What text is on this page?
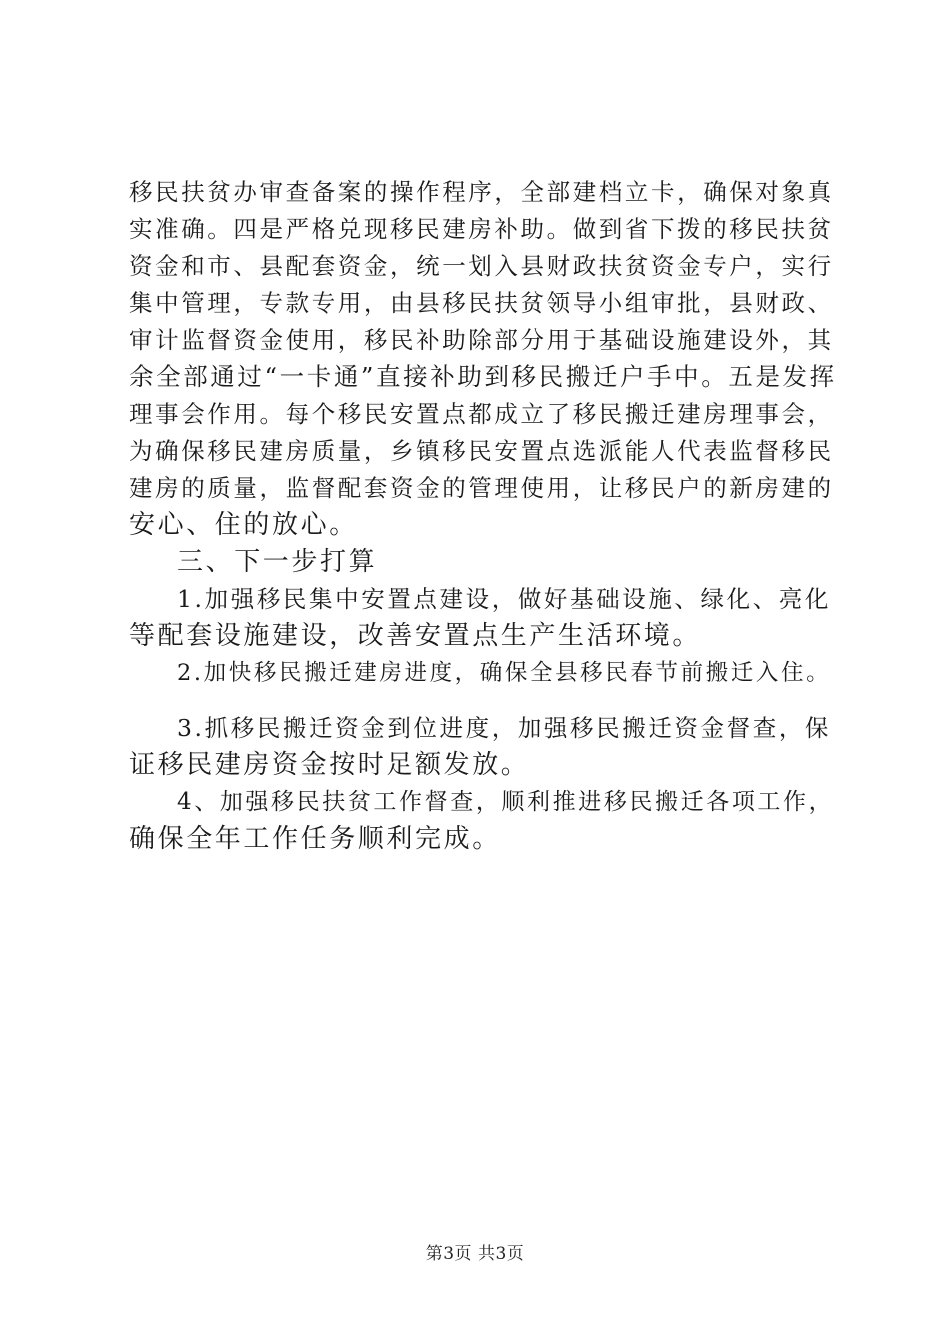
移民扶贫办审查备案的操作程序，全部建档立卡，确保对象真
实准确。四是严格兑现移民建房补助。做到省下拨的移民扶贫
资金和市、县配套资金，统一划入县财政扶贫资金专户，实行
集中管理，专款专用，由县移民扶贫领导小组审批，县财政、
审计监督资金使用，移民补助除部分用于基础设施建设外，其
余全部通过“一卡通”直接补助到移民搬迁户手中。五是发挥
理事会作用。每个移民安置点都成立了移民搬迁建房理事会，
为确保移民建房质量，乡镇移民安置点选派能人代表监督移民
建房的质量，监督配套资金的管理使用，让移民户的新房建的
安心、住的放心。
三、下一步打算
1.加强移民集中安置点建设，做好基础设施、绿化、亮化
等配套设施建设，改善安置点生产生活环境。
2.加快移民搬迁建房进度，确保全县移民春节前搬迁入住。
3.抓移民搬迁资金到位进度，加强移民搬迁资金督查，保
证移民建房资金按时足额发放。
4、加强移民扶贫工作督查，顺利推进移民搬迁各项工作，
确保全年工作任务顺利完成。
第3页 共3页
